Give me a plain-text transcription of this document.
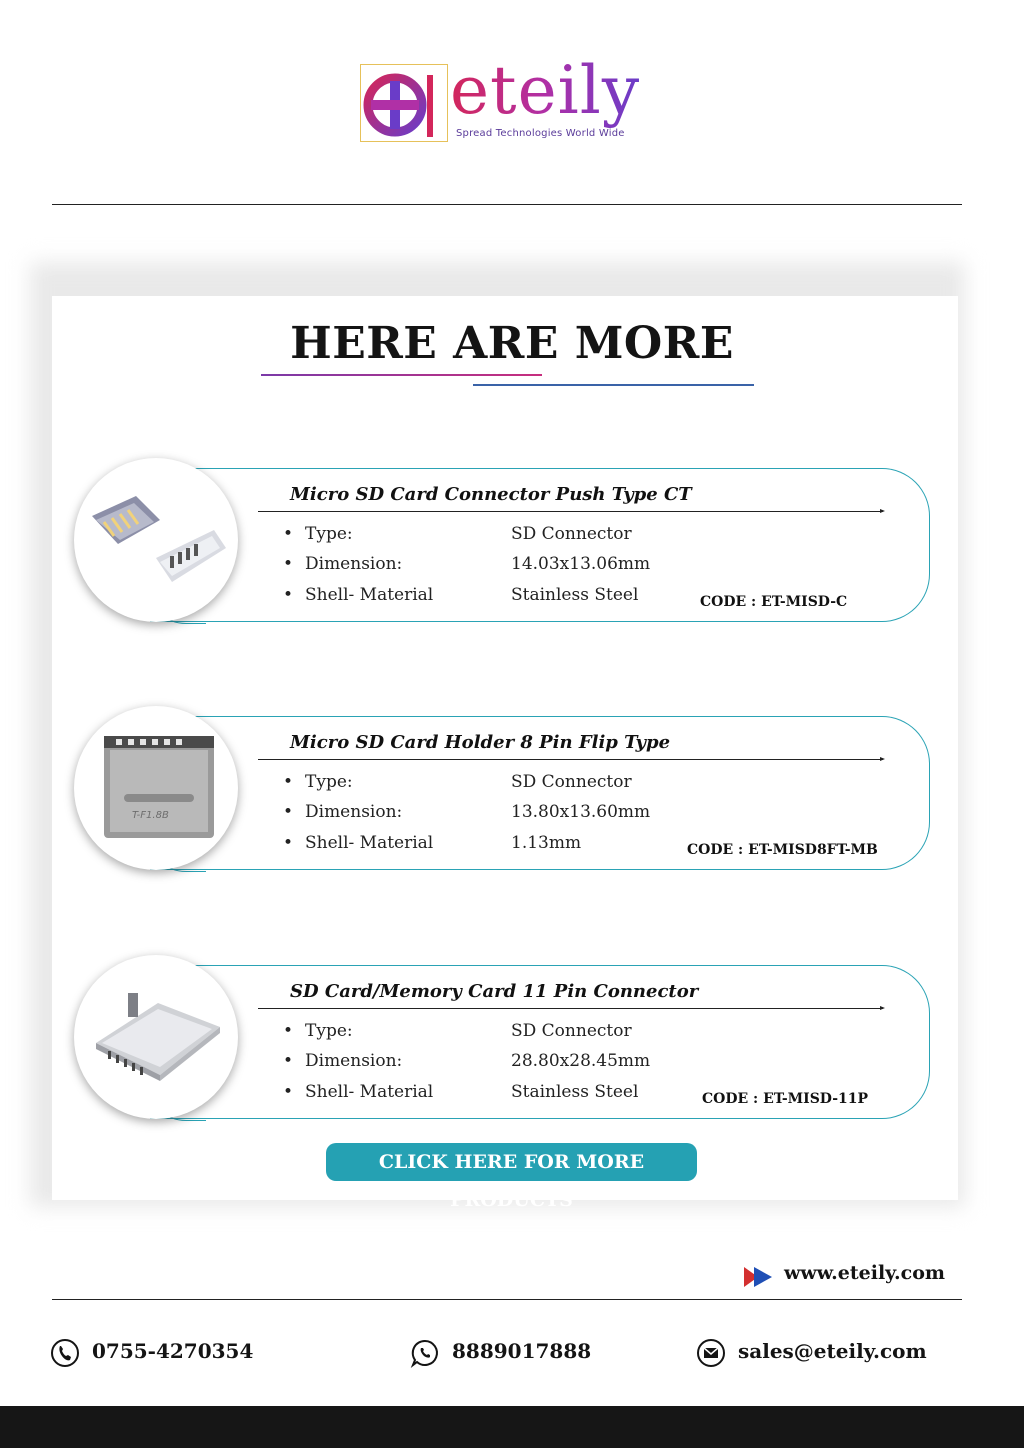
eteily
Spread Technologies World Wide
HERE ARE MORE
Micro SD Card Connector Push Type CT
• Type:	SD Connector
• Dimension:	14.03x13.06mm
• Shell- Material	Stainless Steel	CODE : ET-MISD-C
T-F1.8B
Micro SD Card Holder 8 Pin Flip Type
• Type:	SD Connector
• Dimension:	13.80x13.60mm
• Shell- Material	1.13mm	CODE : ET-MISD8FT-MB
SD Card/Memory Card 11 Pin Connector
• Type:	SD Connector
• Dimension:	28.80x28.45mm
• Shell- Material	Stainless Steel	CODE : ET-MISD-11P
CLICK HERE FOR MORE PRODUCTS
www.eteily.com
0755-4270354	8889017888	sales@eteily.com
